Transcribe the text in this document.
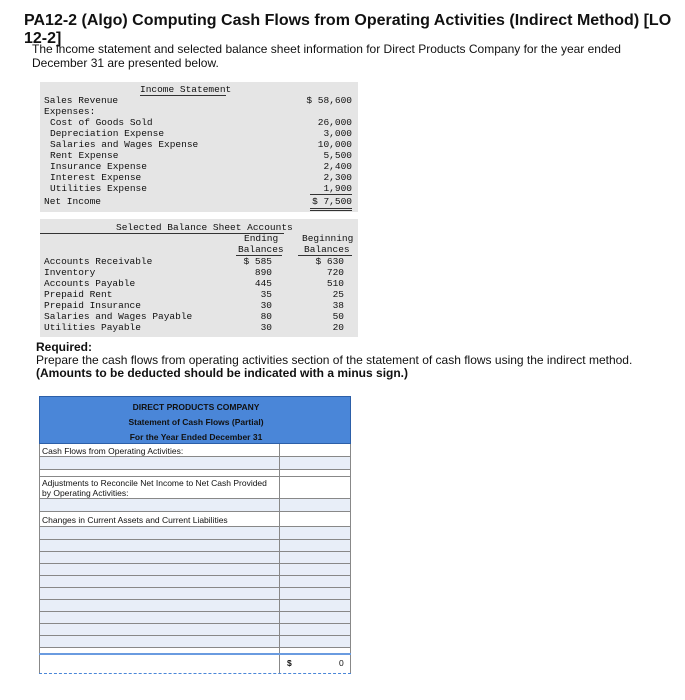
PA12-2 (Algo) Computing Cash Flows from Operating Activities (Indirect Method) [LO 12-2]
The income statement and selected balance sheet information for Direct Products Company for the year ended December 31 are presented below.
Income Statement
Sales Revenue	$ 58,600
Expenses:
Cost of Goods Sold	26,000
Depreciation Expense	3,000
Salaries and Wages Expense	10,000
Rent Expense	5,500
Insurance Expense	2,400
Interest Expense	2,300
Utilities Expense	1,900
Net Income	$ 7,500
Selected Balance Sheet Accounts
Ending	Beginning
Balances Balances
Accounts Receivable	$ 585	$ 630
Inventory	890	720
Accounts Payable	445	510
Prepaid Rent	35	25
Prepaid Insurance	30	38
Salaries and Wages Payable	80	50
Utilities Payable	30	20
Required:
Prepare the cash flows from operating activities section of the statement of cash flows using the indirect method. (Amounts to be deducted should be indicated with a minus sign.)
DIRECT PRODUCTS COMPANY
Statement of Cash Flows (Partial)
For the Year Ended December 31
Cash Flows from Operating Activities:
Adjustments to Reconcile Net Income to Net Cash Provided by Operating Activities:
Changes in Current Assets and Current Liabilities
$	0
